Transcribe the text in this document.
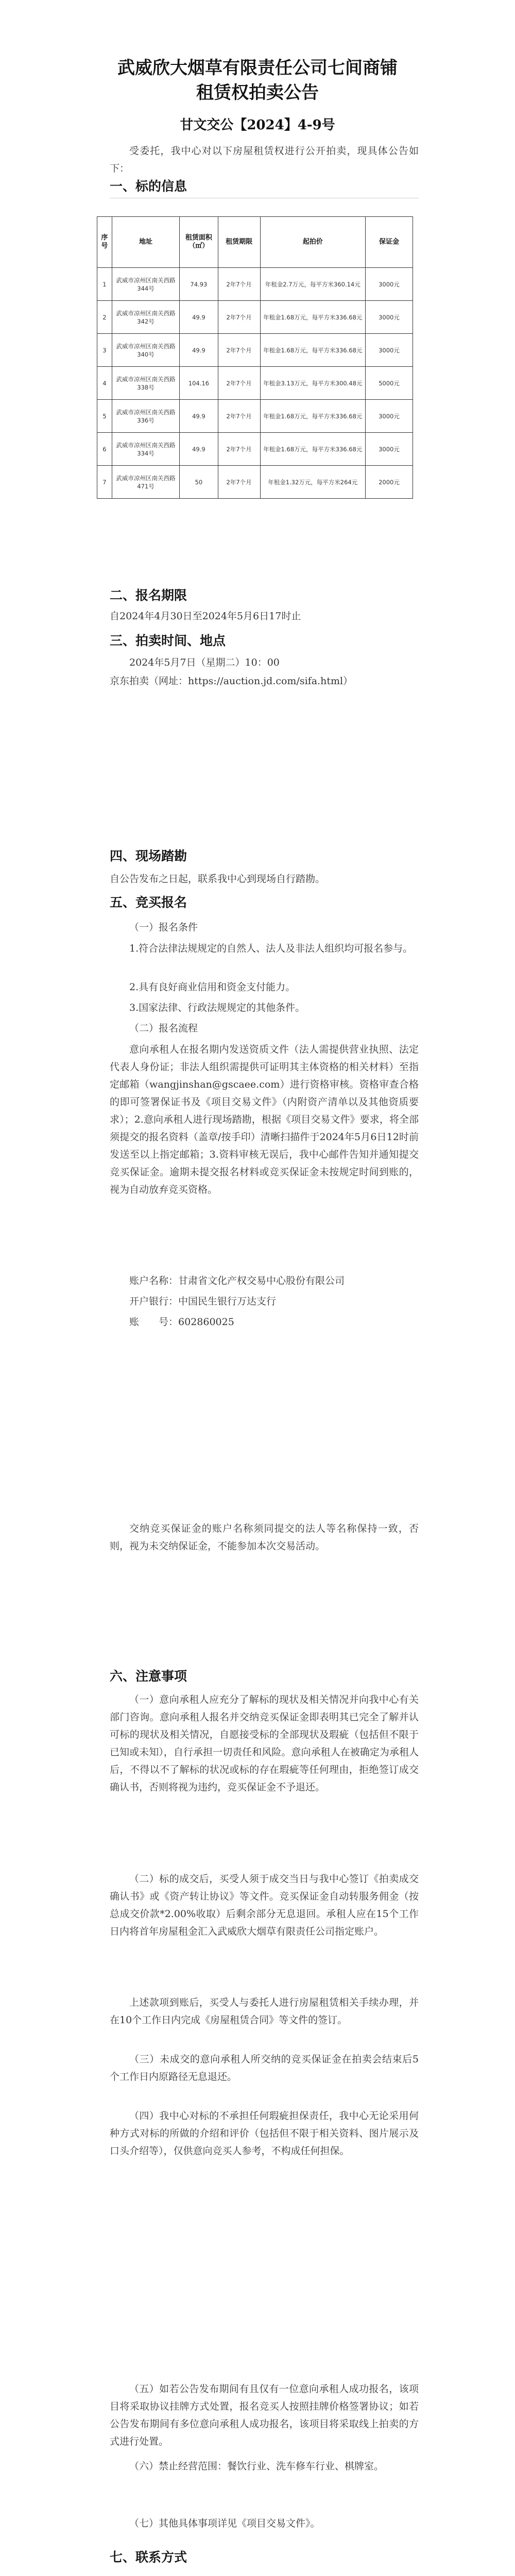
武威欣大烟草有限责任公司七间商铺
租赁权拍卖公告
甘文交公【2024】4-9号

受委托，我中心对以下房屋租赁权进行公开拍卖，现具体公告如下：

一、标的信息
序号	地址	租赁面积（㎡）	租赁期限	起拍价	保证金
1	武威市凉州区南关西路344号	74.93	2年7个月	年租金2.7万元，每平方米360.14元	3000元
2	武威市凉州区南关西路342号	49.9	2年7个月	年租金1.68万元，每平方米336.68元	3000元
3	武威市凉州区南关西路340号	49.9	2年7个月	年租金1.68万元，每平方米336.68元	3000元
4	武威市凉州区南关西路338号	104.16	2年7个月	年租金3.13万元，每平方米300.48元	5000元
5	武威市凉州区南关西路336号	49.9	2年7个月	年租金1.68万元，每平方米336.68元	3000元
6	武威市凉州区南关西路334号	49.9	2年7个月	年租金1.68万元，每平方米336.68元	3000元
7	武威市凉州区南关西路471号	50	2年7个月	年租金1.32万元，每平方米264元	2000元
二、报名期限
自2024年4月30日至2024年5月6日17时止
三、拍卖时间、地点
2024年5月7日（星期二）10：00
京东拍卖（网址：https://auction.jd.com/sifa.html）
四、现场踏勘
自公告发布之日起，联系我中心到现场自行踏勘。
五、竞买报名
（一）报名条件

1.符合法律法规规定的自然人、法人及非法人组织均可报名参与。

2.具有良好商业信用和资金支付能力。
3.国家法律、行政法规规定的其他条件。
（二）报名流程

意向承租人在报名期内发送资质文件（法人需提供营业执照、法定代表人身份证；非法人组织需提供可证明其主体资格的相关材料）至指定邮箱（wangjinshan@gscaee.com）进行资格审核。资格审查合格的即可签署保证书及《项目交易文件》（内附资产清单以及其他资质要求）；2.意向承租人进行现场踏勘，根据《项目交易文件》要求，将全部须提交的报名资料（盖章/按手印）清晰扫描件于2024年5月6日12时前发送至以上指定邮箱；3.资料审核无误后，我中心邮件告知并通知提交竞买保证金。逾期未提交报名材料或竞买保证金未按规定时间到账的，视为自动放弃竞买资格。

账户名称：甘肃省文化产权交易中心股份有限公司
开户银行：中国民生银行万达支行
账　　号：602860025

交纳竞买保证金的账户名称须同提交的法人等名称保持一致，否则，视为未交纳保证金，不能参加本次交易活动。

六、注意事项

（一）意向承租人应充分了解标的现状及相关情况并向我中心有关部门咨询。意向承租人报名并交纳竞买保证金即表明其已完全了解并认可标的现状及相关情况，自愿接受标的全部现状及瑕疵（包括但不限于已知或未知），自行承担一切责任和风险。意向承租人在被确定为承租人后，不得以不了解标的状况或标的存在瑕疵等任何理由，拒绝签订成交确认书，否则将视为违约，竞买保证金不予退还。

（二）标的成交后，买受人须于成交当日与我中心签订《拍卖成交确认书》或《资产转让协议》等文件。竞买保证金自动转服务佣金（按总成交价款*2.00%收取）后剩余部分无息退回。承租人应在15个工作日内将首年房屋租金汇入武威欣大烟草有限责任公司指定账户。

上述款项到账后，买受人与委托人进行房屋租赁相关手续办理，并在10个工作日内完成《房屋租赁合同》等文件的签订。

（三）未成交的意向承租人所交纳的竞买保证金在拍卖会结束后5个工作日内原路径无息退还。

（四）我中心对标的不承担任何瑕疵担保责任，我中心无论采用何种方式对标的所做的介绍和评价（包括但不限于相关资料、图片展示及口头介绍等），仅供意向竞买人参考，不构成任何担保。

（五）如若公告发布期间有且仅有一位意向承租人成功报名，该项目将采取协议挂牌方式处置，报名竞买人按照挂牌价格签署协议；如若公告发布期间有多位意向承租人成功报名，该项目将采取线上拍卖的方式进行处置。

（六）禁止经营范围：餐饮行业、洗车修车行业、棋牌室。

（七）其他具体事项详见《项目交易文件》。
七、联系方式
